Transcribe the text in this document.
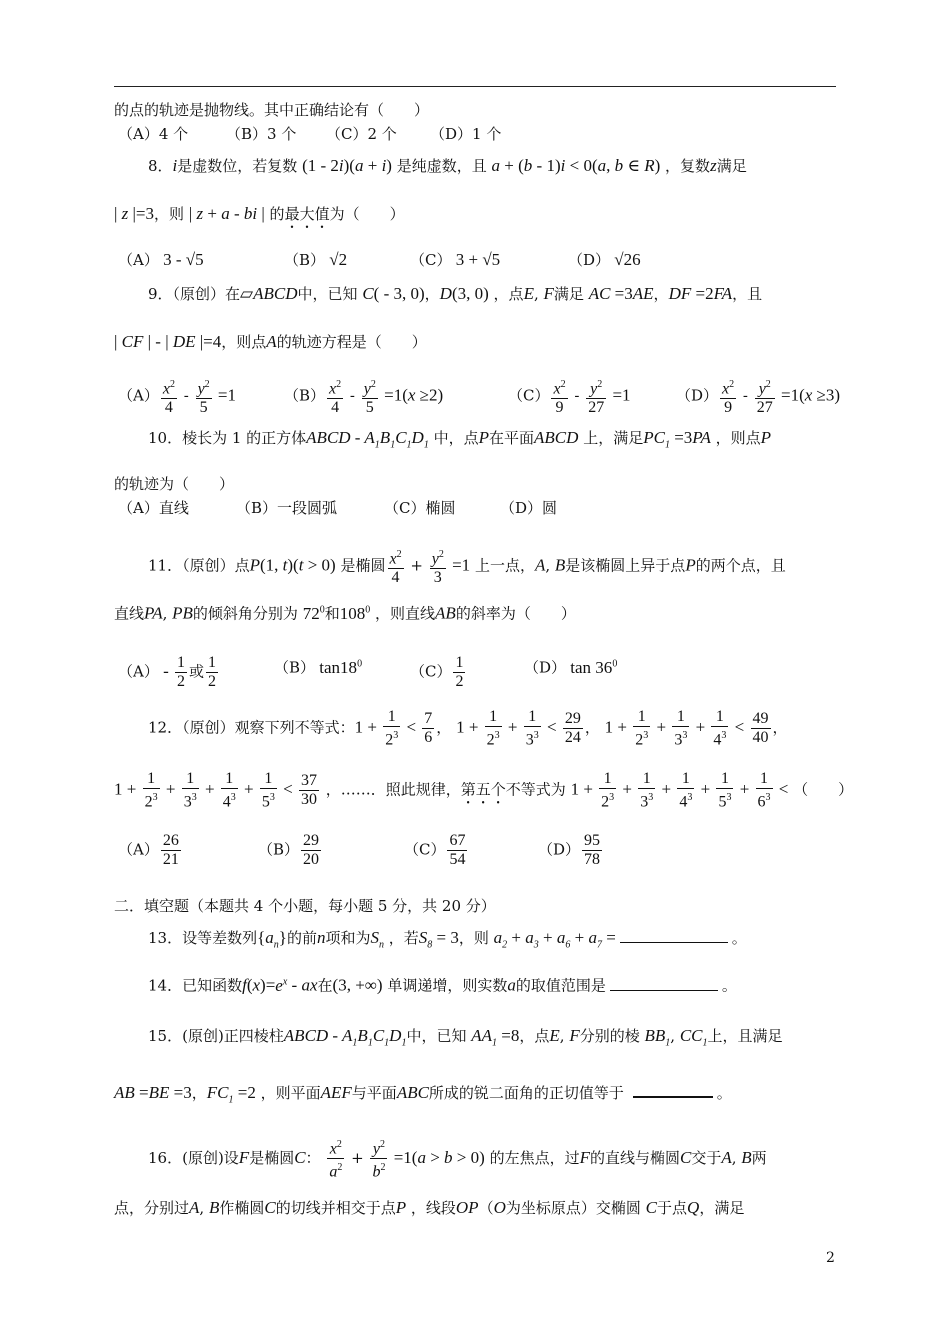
的点的轨迹是抛物线。其中正确结论有（　　）
（A）4 个	（B）3 个 （C）2 个 （D）1 个
8．i是虚数位，若复数 (1 - 2i)(a + i) 是纯虚数，且 a + (b - 1)i < 0(a, b ∈ R) ，复数z满足
| z |=3，则 | z + a - bi | 的最大值为（　　）
（A） 3 - √5	（B） √2	（C） 3 + √5	（D） √26
9．（原创）在▱ABCD中，已知 C( - 3, 0)，D(3, 0) ，点E, F满足 AC =3AE，DF =2FA，且
| CF | - | DE |=4，则点A的轨迹方程是（　　）
$(A) \frac{x^2}{4} - \frac{y^2}{5} =1$	$(B) \frac{x^2}{4} - \frac{y^2}{5} =1(x \ge 2)$	$(C) \frac{x^2}{9} - \frac{y^2}{27} =1$	$(D) \frac{x^2}{9} - \frac{y^2}{27} =1(x \ge 3)$
10．棱长为 1 的正方体ABCD - $A_1B_1C_1D_1$ 中，点P在平面ABCD 上，满足$PC_1 =3PA$ ，则点P
的轨迹为（　　）
（A）直线	（B）一段圆弧	（C）椭圆	（D）圆
11．（原创）点P(1, t)(t > 0) 是椭圆 $\frac{x^2}{4} + \frac{y^2}{3} =1$ 上一点，A, B是该椭圆上异于点P的两个点，且
直线PA, PB的倾斜角分别为 $72^0$和$108^0$ ，则直线AB的斜率为（　　）
$(A) - \frac{1}{2}$ 或 $\frac{1}{2}$	（B） $\tan 18^0$	$(C) \frac{1}{2}$	（D） $\tan 36^0$
12．（原创）观察下列不等式：$1 + \frac{1}{2^3} < \frac{7}{6}$ ， $1 + \frac{1}{2^3} + \frac{1}{3^3} < \frac{29}{24}$ ， $1 + \frac{1}{2^3} + \frac{1}{3^3} + \frac{1}{4^3} < \frac{49}{40}$ ，
$1 + \frac{1}{2^3} + \frac{1}{3^3} + \frac{1}{4^3} + \frac{1}{5^3} < \frac{37}{30}$ ，……．照此规律，第五个不等式为 $1 + \frac{1}{2^3} + \frac{1}{3^3} + \frac{1}{4^3} + \frac{1}{5^3} + \frac{1}{6^3}$ < （　　）
$(A) \frac{26}{21}$	$(B) \frac{29}{20}$	$(C) \frac{67}{54}$	$(D) \frac{95}{78}$
二．填空题（本题共 4 个小题，每小题 5 分，共 20 分）
13．设等差数列$\{a_n\}$的前n项和为$S_n$ ，若$S_8 = 3$，则 $a_2 + a_3 + a_6 + a_7$ =	。
14．已知函数$f(x)=e^x$ - ax在(3, +∞) 单调递增，则实数a的取值范围是	。
15．(原创)正四棱柱ABCD - $A_1B_1C_1D_1$中，已知 $AA_1 =8$，点E, F分别的棱 $BB_1$, $CC_1$上，且满足
AB =BE =3，$FC_1 =2$ ，则平面AEF与平面ABC所成的锐二面角的正切值等于	。
16．(原创)设F是椭圆C： $\frac{x^2}{a^2} + \frac{y^2}{b^2} =1(a > b > 0)$ 的左焦点，过F的直线与椭圆C交于A, B两
点，分别过A, B作椭圆C的切线并相交于点P ，线段OP（O为坐标原点）交椭圆 C于点Q，满足
2
